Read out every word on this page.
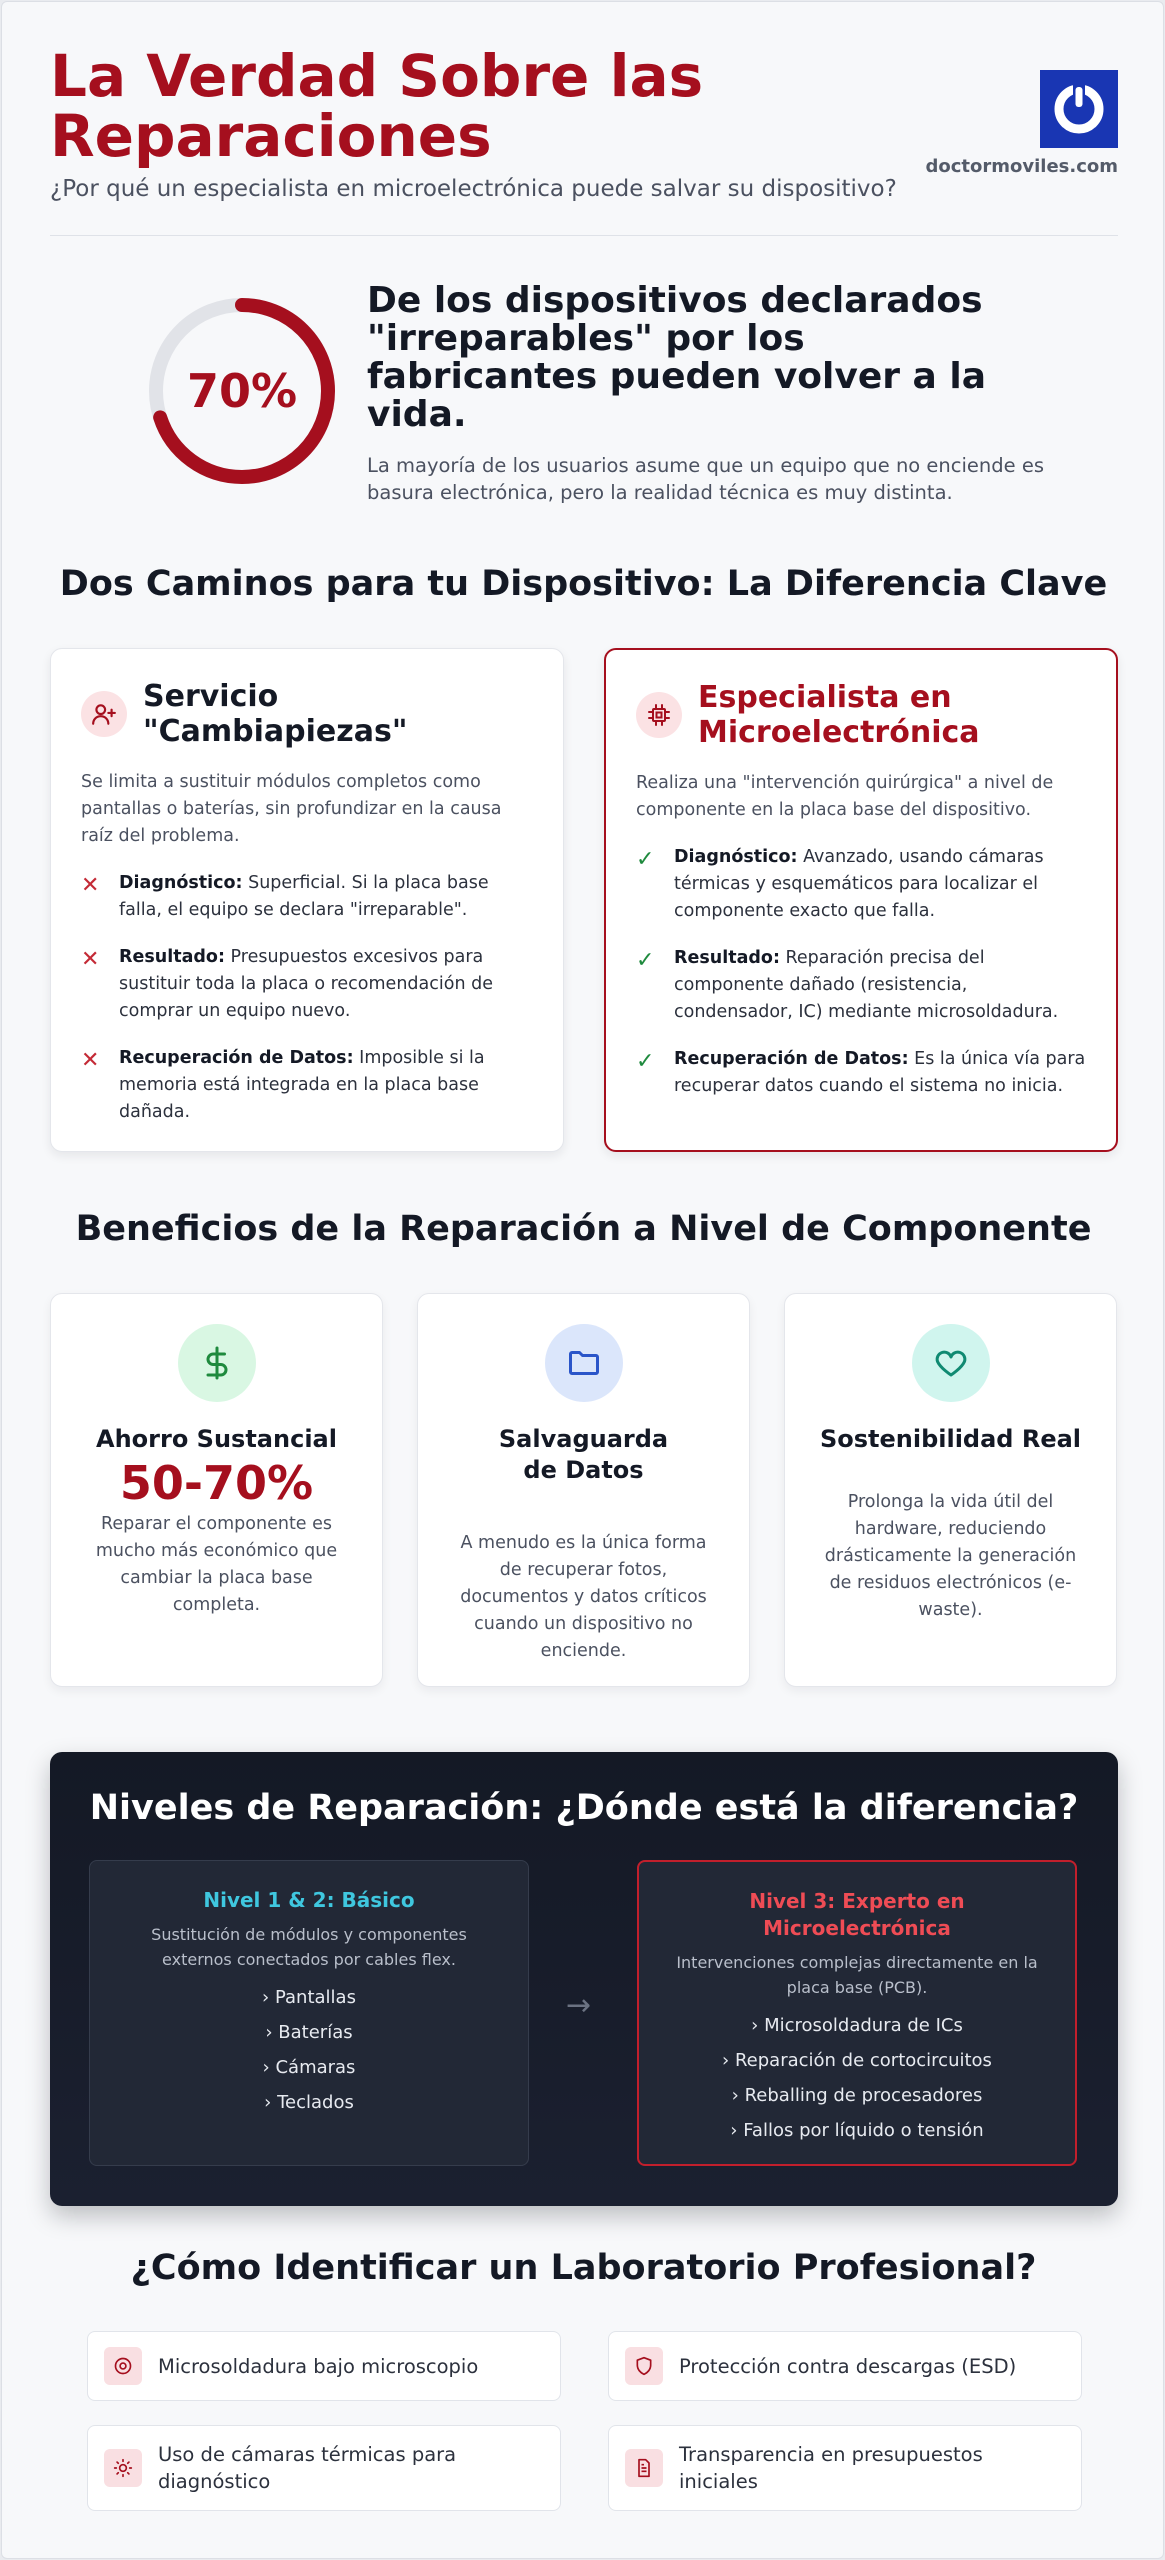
La Verdad Sobre las Reparaciones
¿Por qué un especialista en microelectrónica puede salvar su dispositivo?
doctormoviles.com
70%
De los dispositivos declarados "irreparables" por los fabricantes pueden volver a la vida.
La mayoría de los usuarios asume que un equipo que no enciende es basura electrónica, pero la realidad técnica es muy distinta.
Dos Caminos para tu Dispositivo: La Diferencia Clave
Servicio "Cambiapiezas"
Se limita a sustituir módulos completos como pantallas o baterías, sin profundizar en la causa raíz del problema.
✕ Diagnóstico: Superficial. Si la placa base falla, el equipo se declara "irreparable".
✕ Resultado: Presupuestos excesivos para sustituir toda la placa o recomendación de comprar un equipo nuevo.
✕ Recuperación de Datos: Imposible si la memoria está integrada en la placa base dañada.
Especialista en Microelectrónica
Realiza una "intervención quirúrgica" a nivel de componente en la placa base del dispositivo.
✓ Diagnóstico: Avanzado, usando cámaras térmicas y esquemáticos para localizar el componente exacto que falla.
✓ Resultado: Reparación precisa del componente dañado (resistencia, condensador, IC) mediante microsoldadura.
✓ Recuperación de Datos: Es la única vía para recuperar datos cuando el sistema no inicia.
Beneficios de la Reparación a Nivel de Componente
Ahorro Sustancial
50-70%
Reparar el componente es mucho más económico que cambiar la placa base completa.
Salvaguarda de Datos
A menudo es la única forma de recuperar fotos, documentos y datos críticos cuando un dispositivo no enciende.
Sostenibilidad Real
Prolonga la vida útil del hardware, reduciendo drásticamente la generación de residuos electrónicos (e-waste).
Niveles de Reparación: ¿Dónde está la diferencia?
Nivel 1 & 2: Básico
Sustitución de módulos y componentes externos conectados por cables flex.
› Pantallas
› Baterías
› Cámaras
› Teclados
→
Nivel 3: Experto en Microelectrónica
Intervenciones complejas directamente en la placa base (PCB).
› Microsoldadura de ICs
› Reparación de cortocircuitos
› Reballing de procesadores
› Fallos por líquido o tensión
¿Cómo Identificar un Laboratorio Profesional?
Microsoldadura bajo microscopio	Protección contra descargas (ESD)
Uso de cámaras térmicas para diagnóstico
Transparencia en presupuestos iniciales
